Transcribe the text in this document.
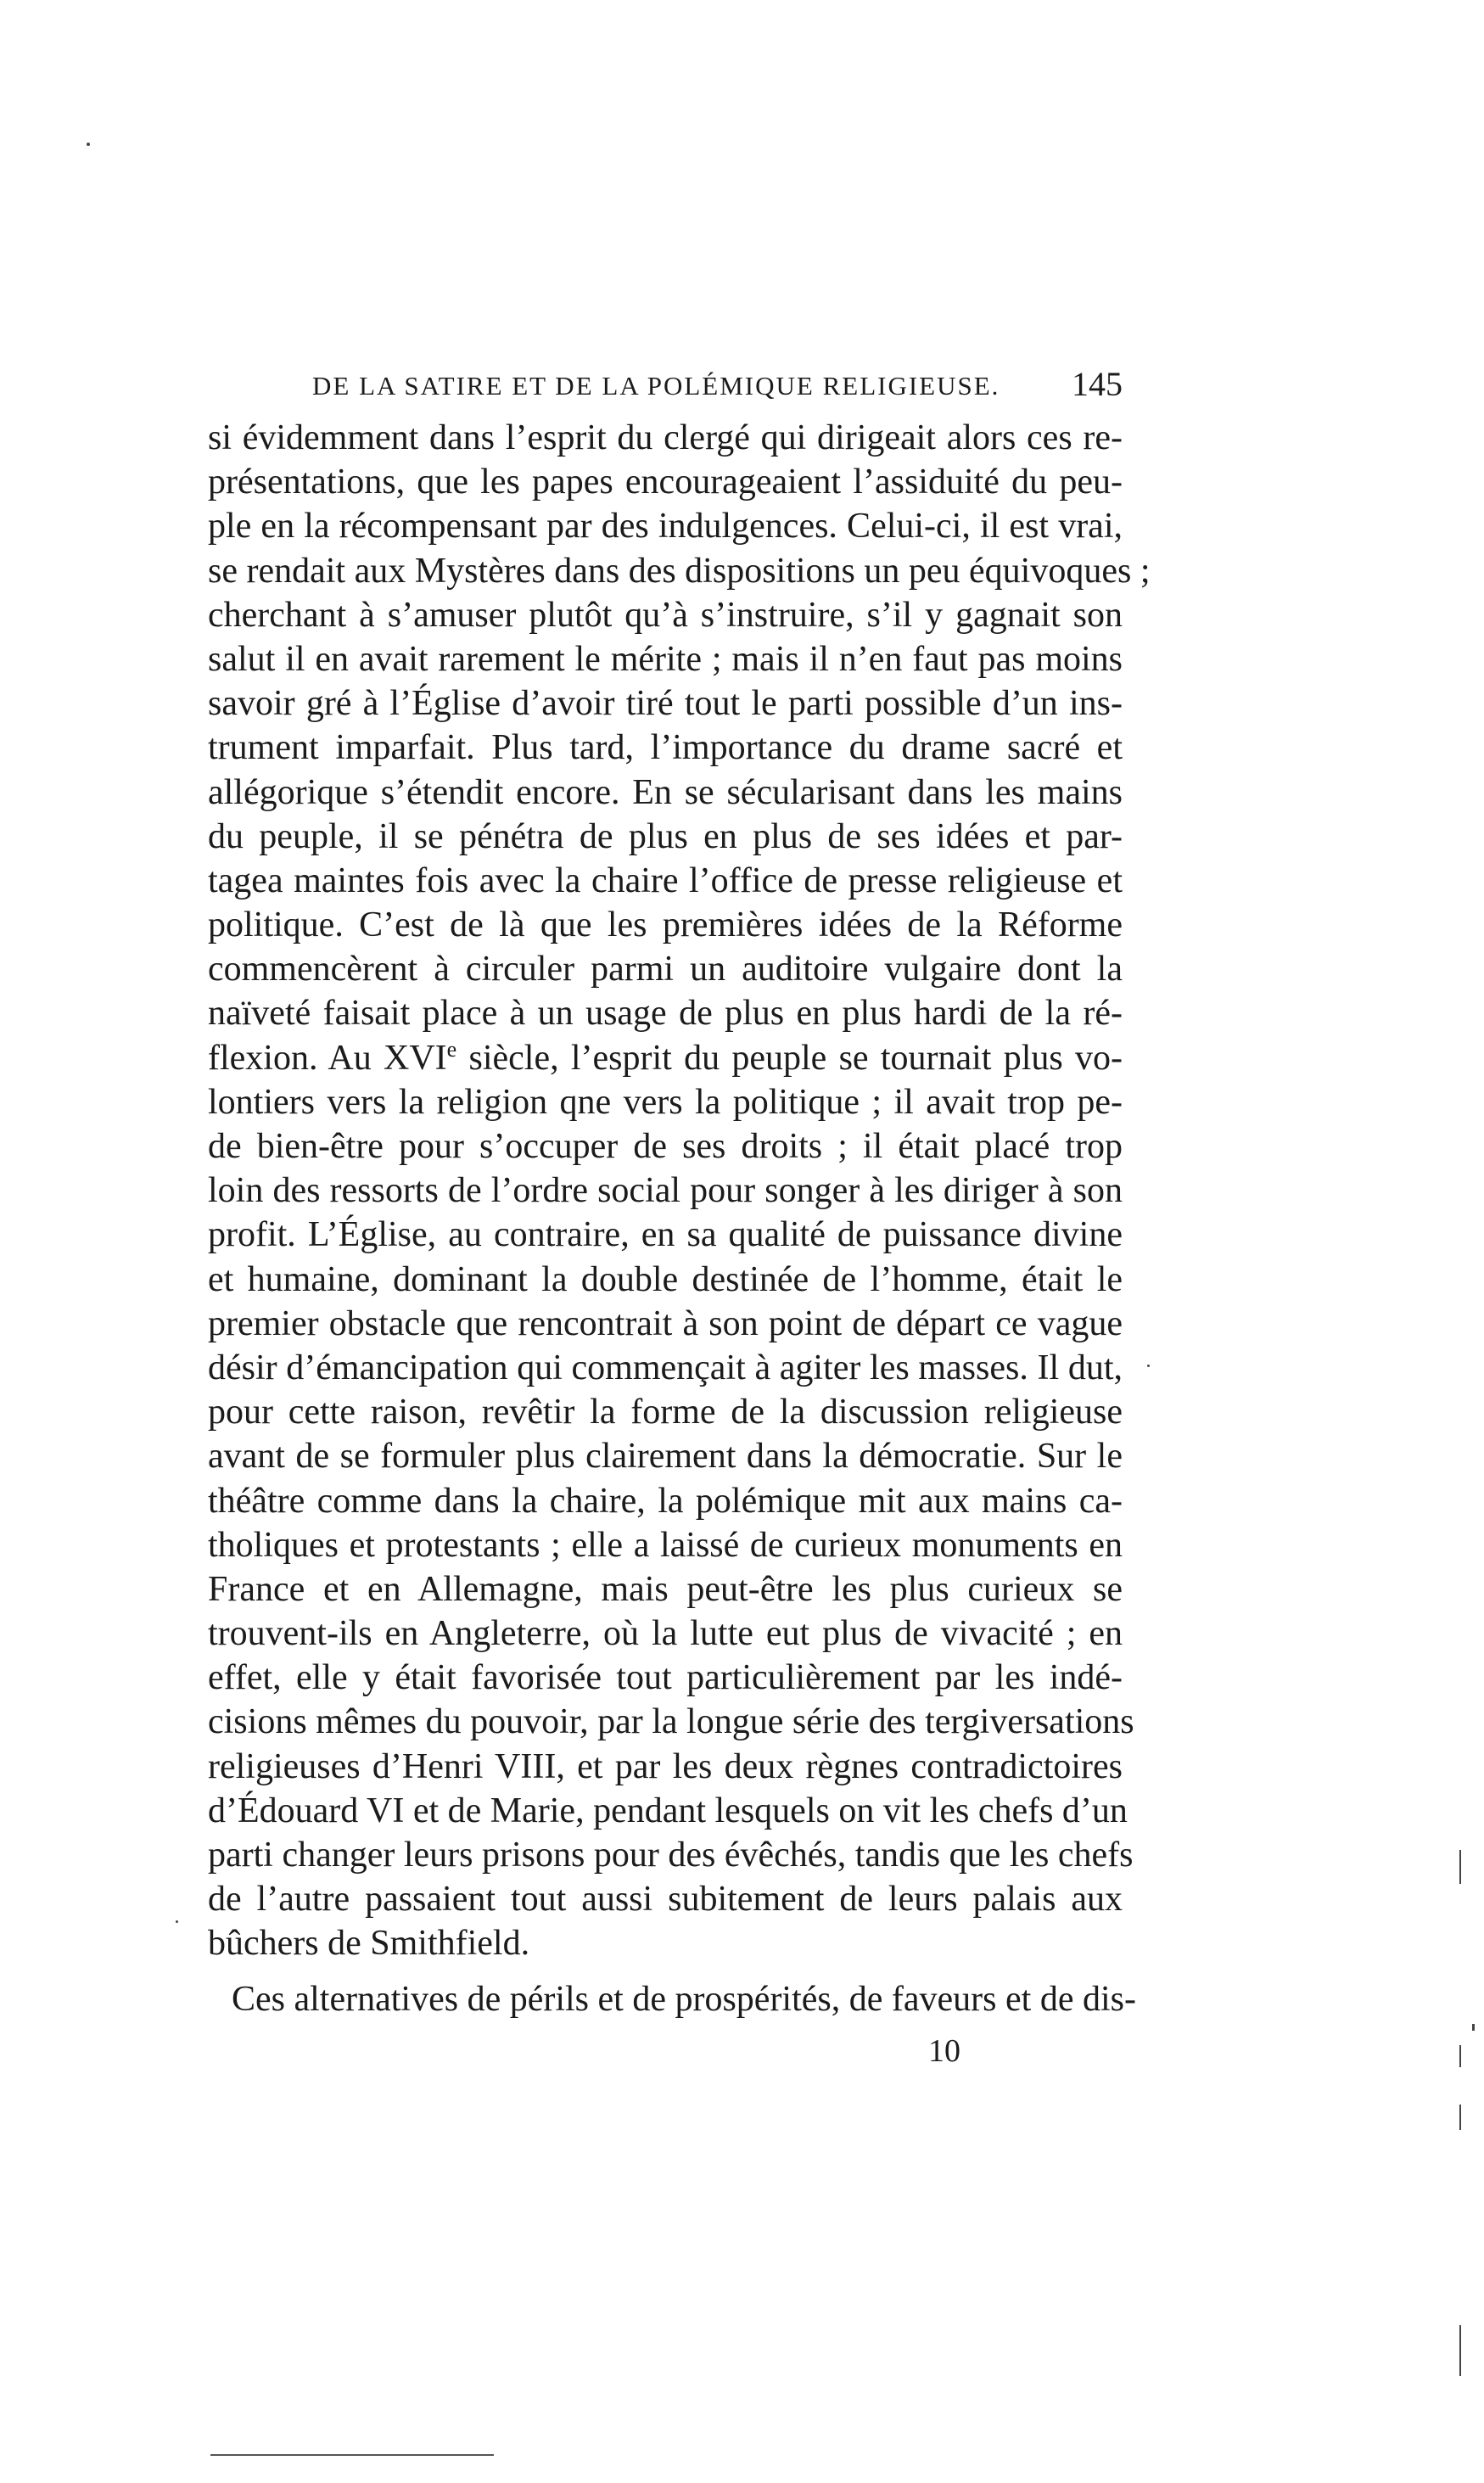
DE LA SATIRE ET DE LA POLÉMIQUE RELIGIEUSE. 145
si évidemment dans l’esprit du clergé qui dirigeait alors ces re-
présentations, que les papes encourageaient l’assiduité du peu-
ple en la récompensant par des indulgences. Celui-ci, il est vrai,
se rendait aux Mystères dans des dispositions un peu équivoques ;
cherchant à s’amuser plutôt qu’à s’instruire, s’il y gagnait son
salut il en avait rarement le mérite ; mais il n’en faut pas moins
savoir gré à l’Église d’avoir tiré tout le parti possible d’un ins-
trument imparfait. Plus tard, l’importance du drame sacré et
allégorique s’étendit encore. En se sécularisant dans les mains
du peuple, il se pénétra de plus en plus de ses idées et par-
tagea maintes fois avec la chaire l’office de presse religieuse et
politique. C’est de là que les premières idées de la Réforme
commencèrent à circuler parmi un auditoire vulgaire dont la
naïveté faisait place à un usage de plus en plus hardi de la ré-
flexion. Au XVIe siècle, l’esprit du peuple se tournait plus vo-
lontiers vers la religion qne vers la politique ; il avait trop pe-
de bien-être pour s’occuper de ses droits ; il était placé trop
loin des ressorts de l’ordre social pour songer à les diriger à son
profit. L’Église, au contraire, en sa qualité de puissance divine
et humaine, dominant la double destinée de l’homme, était le
premier obstacle que rencontrait à son point de départ ce vague
désir d’émancipation qui commençait à agiter les masses. Il dut,
pour cette raison, revêtir la forme de la discussion religieuse
avant de se formuler plus clairement dans la démocratie. Sur le
théâtre comme dans la chaire, la polémique mit aux mains ca-
tholiques et protestants ; elle a laissé de curieux monuments en
France et en Allemagne, mais peut-être les plus curieux se
trouvent-ils en Angleterre, où la lutte eut plus de vivacité ; en
effet, elle y était favorisée tout particulièrement par les indé-
cisions mêmes du pouvoir, par la longue série des tergiversations
religieuses d’Henri VIII, et par les deux règnes contradictoires
d’Édouard VI et de Marie, pendant lesquels on vit les chefs d’un
parti changer leurs prisons pour des évêchés, tandis que les chefs
de l’autre passaient tout aussi subitement de leurs palais aux
bûchers de Smithfield.
Ces alternatives de périls et de prospérités, de faveurs et de dis-
10
